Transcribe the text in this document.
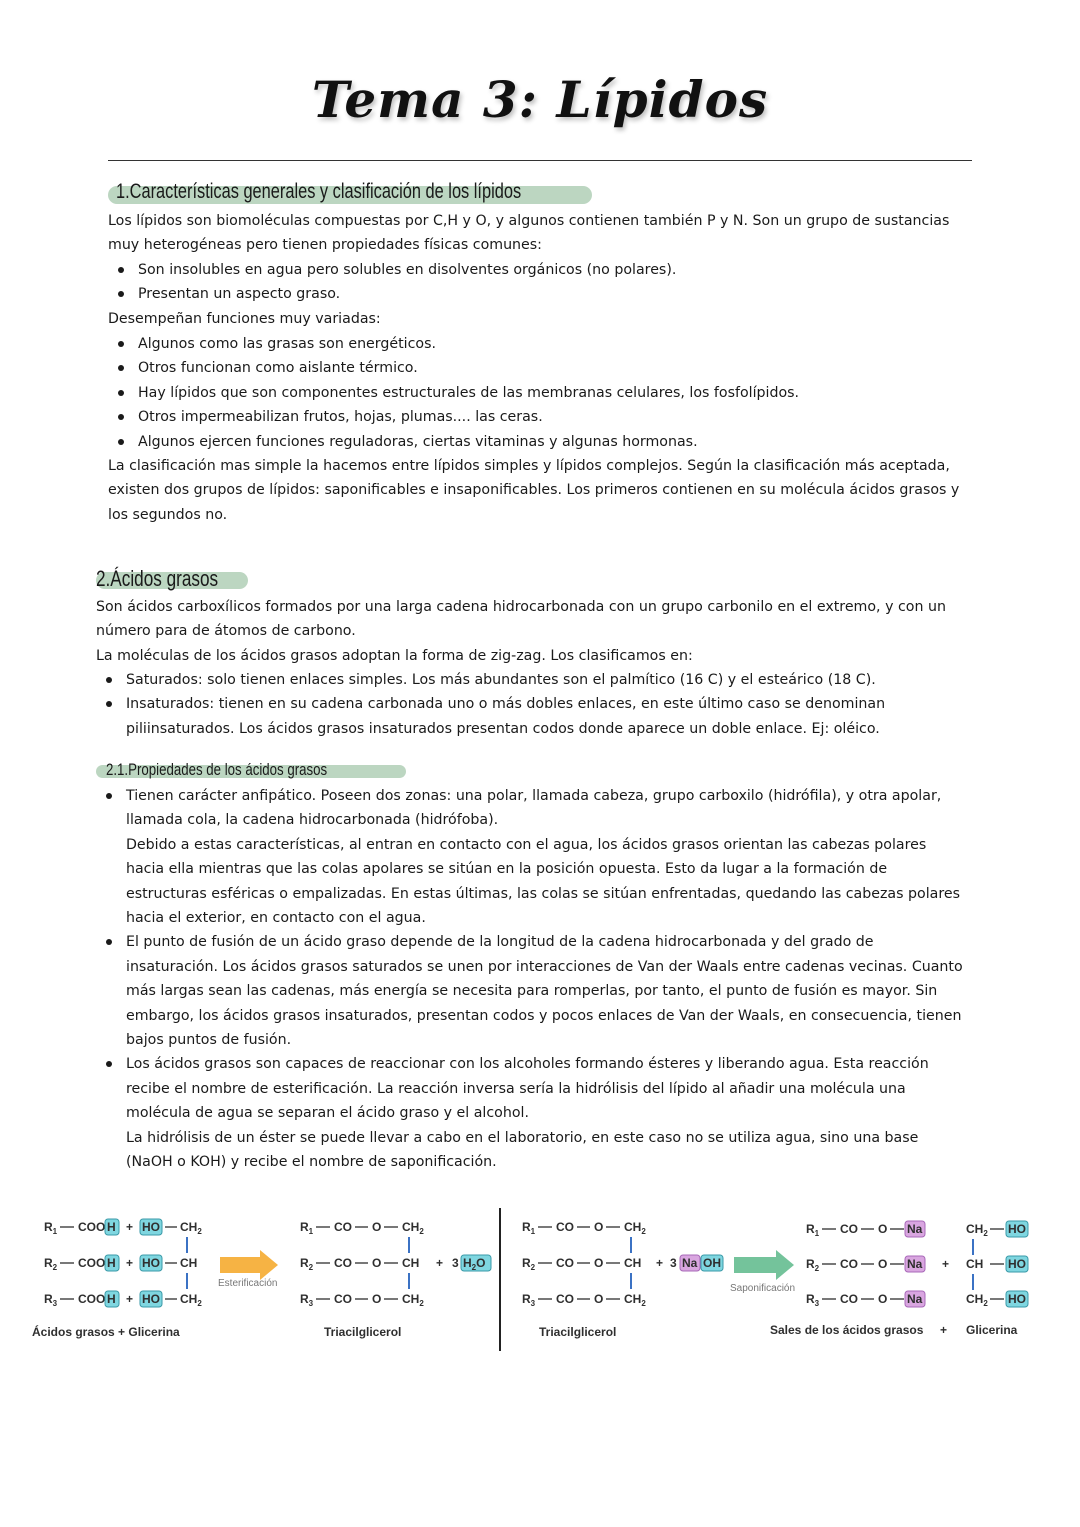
Tema 3: Lípidos
1.Características generales y clasificación de los lípidos

Los lípidos son biomoléculas compuestas por C,H y O, y algunos contienen también P y N. Son un grupo de sustancias muy heterogéneas pero tienen propiedades físicas comunes:

Son insolubles en agua pero solubles en disolventes orgánicos (no polares).
Presentan un aspecto graso.
Desempeñan funciones muy variadas:
Algunos como las grasas son energéticos.
Otros funcionan como aislante térmico.
Hay lípidos que son componentes estructurales de las membranas celulares, los fosfolípidos.
Otros impermeabilizan frutos, hojas, plumas.... las ceras.
Algunos ejercen funciones reguladoras, ciertas vitaminas y algunas hormonas.
La clasificación mas simple la hacemos entre lípidos simples y lípidos complejos. Según la clasificación más aceptada, existen dos grupos de lípidos: saponificables e insaponificables. Los primeros contienen en su molécula ácidos grasos y los segundos no.
2.Ácidos grasos
Son ácidos carboxílicos formados por una larga cadena hidrocarbonada con un grupo carbonilo en el extremo, y con un número para de átomos de carbono.
La moléculas de los ácidos grasos adoptan la forma de zig-zag. Los clasificamos en:
Saturados: solo tienen enlaces simples. Los más abundantes son el palmítico (16 C) y el esteárico (18 C).
Insaturados: tienen en su cadena carbonada uno o más dobles enlaces, en este último caso se denominan piliinsaturados. Los ácidos grasos insaturados presentan codos donde aparece un doble enlace. Ej: oléico.
2.1.Propiedades de los ácidos grasos
Tienen carácter anfipático. Poseen dos zonas: una polar, llamada cabeza, grupo carboxilo (hidrófila), y otra apolar, llamada cola, la cadena hidrocarbonada (hidrófoba).
Debido a estas características, al entran en contacto con el agua, los ácidos grasos orientan las cabezas polares hacia ella mientras que las colas apolares se sitúan en la posición opuesta. Esto da lugar a la formación de estructuras esféricas o empalizadas. En estas últimas, las colas se sitúan enfrentadas, quedando las cabezas polares hacia el exterior, en contacto con el agua.
El punto de fusión de un ácido graso depende de la longitud de la cadena hidrocarbonada y del grado de insaturación. Los ácidos grasos saturados se unen por interacciones de Van der Waals entre cadenas vecinas. Cuanto más largas sean las cadenas, más energía se necesita para romperlas, por tanto, el punto de fusión es mayor. Sin embargo, los ácidos grasos insaturados, presentan codos y pocos enlaces de Van der Waals, en consecuencia, tienen bajos puntos de fusión.
Los ácidos grasos son capaces de reaccionar con los alcoholes formando ésteres y liberando agua. Esta reacción recibe el nombre de esterificación. La reacción inversa sería la hidrólisis del lípido al añadir una molécula una molécula de agua se separan el ácido graso y el alcohol.
La hidrólisis de un éster se puede llevar a cabo en el laboratorio, en este caso no se utiliza agua, sino una base (NaOH o KOH) y recibe el nombre de saponificación.
$R_1$ COO H + HO $CH_2$
$R_2$ COO H + HO CH
$R_3$ COO H + HO $CH_2$
Esterificación
$R_1$ CO O $CH_2$
$R_2$ CO O CH + 3 $H_2O$
$R_3$ CO O $CH_2$
Ácidos grasos + Glicerina	Triacilglicerol
$R_1$ CO O $CH_2$
$R_2$ CO O CH + 3 Na OH
$R_3$ CO O $CH_2$
Saponificación
$R_1$ CO O Na
$R_2$ CO O Na +
$R_3$ CO O Na
$CH_2$ HO
CH HO
$CH_2$ HO
Triacilglicerol	Sales de los ácidos grasos + Glicerina
